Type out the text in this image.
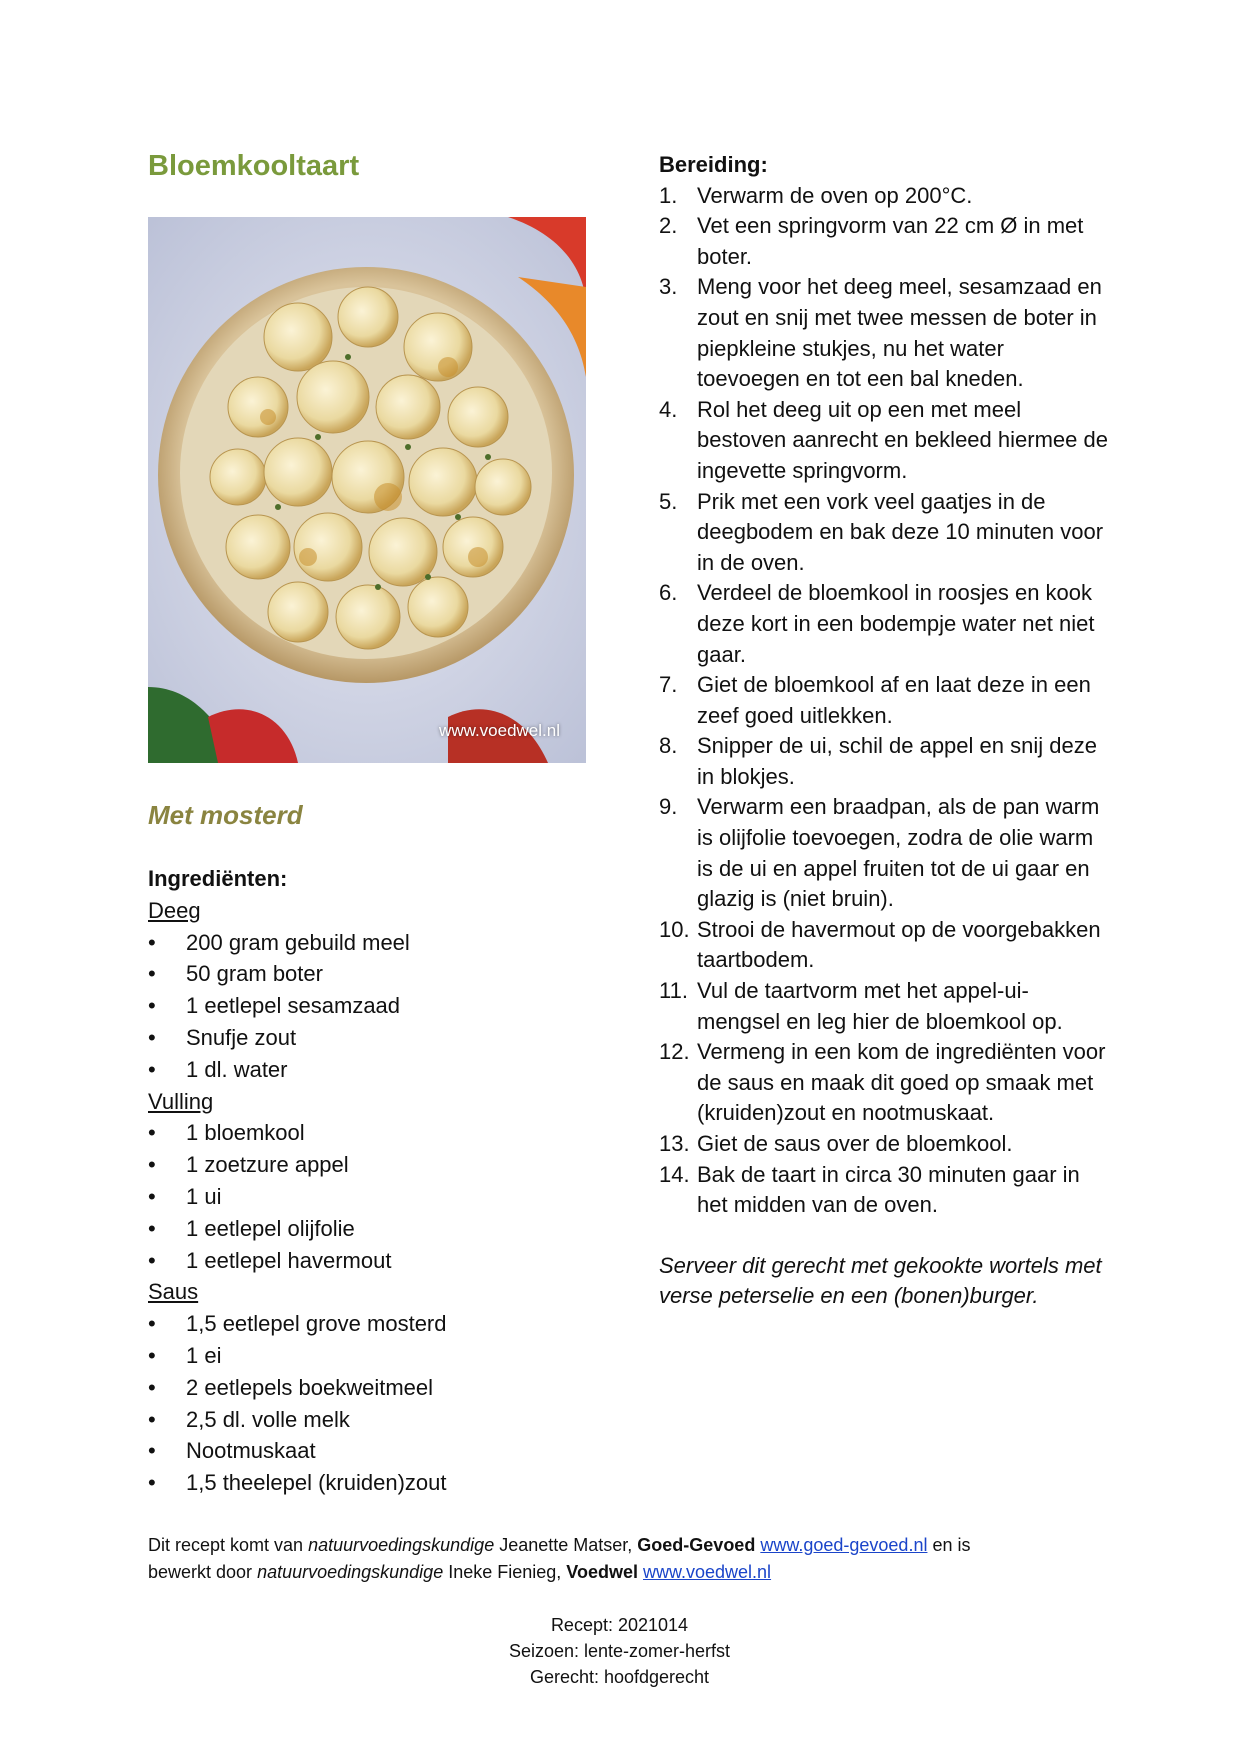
Bloemkooltaart
www.voedwel.nl
Met mosterd
Ingrediënten:
Deeg
• 200 gram gebuild meel
• 50 gram boter
• 1 eetlepel sesamzaad
• Snufje zout
• 1 dl. water
Vulling
• 1 bloemkool
• 1 zoetzure appel
• 1 ui
• 1 eetlepel olijfolie
• 1 eetlepel havermout
Saus
• 1,5 eetlepel grove mosterd
• 1 ei
• 2 eetlepels boekweitmeel
• 2,5 dl. volle melk
• Nootmuskaat
• 1,5 theelepel (kruiden)zout
Bereiding:
1. Verwarm de oven op 200°C.
2. Vet een springvorm van 22 cm Ø in met boter.
3. Meng voor het deeg meel, sesamzaad en zout en snij met twee messen de boter in piepkleine stukjes, nu het water toevoegen en tot een bal kneden.
4. Rol het deeg uit op een met meel bestoven aanrecht en bekleed hiermee de ingevette springvorm.
5. Prik met een vork veel gaatjes in de deegbodem en bak deze 10 minuten voor in de oven.
6. Verdeel de bloemkool in roosjes en kook deze kort in een bodempje water net niet gaar.
7. Giet de bloemkool af en laat deze in een zeef goed uitlekken.
8. Snipper de ui, schil de appel en snij deze in blokjes.
9. Verwarm een braadpan, als de pan warm is olijfolie toevoegen, zodra de olie warm is de ui en appel fruiten tot de ui gaar en glazig is (niet bruin).
10. Strooi de havermout op de voorgebakken taartbodem.
11. Vul de taartvorm met het appel-ui-mengsel en leg hier de bloemkool op.
12. Vermeng in een kom de ingrediënten voor de saus en maak dit goed op smaak met (kruiden)zout en nootmuskaat.
13. Giet de saus over de bloemkool.
14. Bak de taart in circa 30 minuten gaar in het midden van de oven.
Serveer dit gerecht met gekookte wortels met verse peterselie en een (bonen)burger.
Dit recept komt van natuurvoedingskundige Jeanette Matser, Goed-Gevoed www.goed-gevoed.nl en is
bewerkt door natuurvoedingskundige Ineke Fienieg, Voedwel www.voedwel.nl
Recept: 2021014
Seizoen: lente-zomer-herfst
Gerecht: hoofdgerecht
